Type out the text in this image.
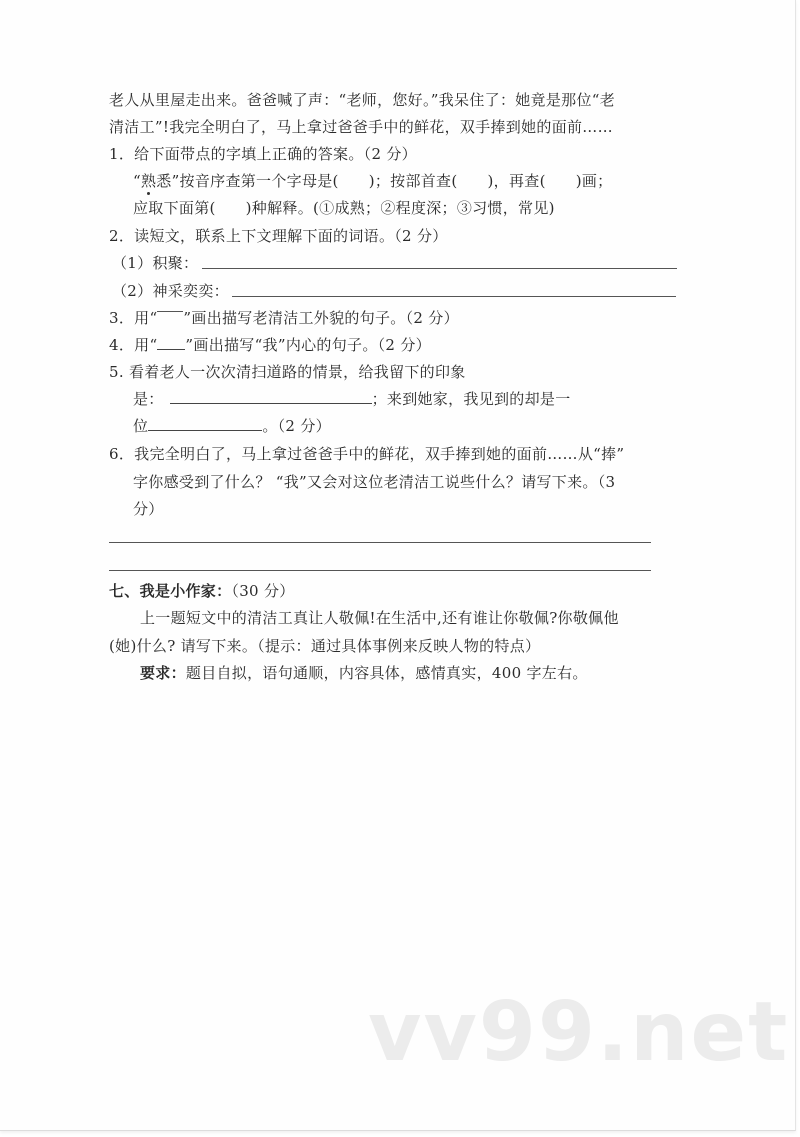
老人从里屋走出来。爸爸喊了声：“老师，您好。”我呆住了：她竟是那位“老
清洁工”!我完全明白了，马上拿过爸爸手中的鲜花，双手捧到她的面前……
1．给下面带点的字填上正确的答案。（2 分）
“熟悉”按音序查第一个字母是( )；按部首查( )，再查( )画；
应取下面第( )种解释。(①成熟；②程度深；③习惯，常见)
2．读短文，联系上下文理解下面的词语。（2 分）
（1）积聚：
（2）神采奕奕：
3．用“ ”画出描写老清洁工外貌的句子。（2 分）
4．用“ ”画出描写“我”内心的句子。（2 分）
5. 看着老人一次次清扫道路的情景，给我留下的印象
是：	；来到她家，我见到的却是一
位	。（2 分）
6．我完全明白了，马上拿过爸爸手中的鲜花，双手捧到她的面前……从“捧”
字你感受到了什么？ “我”又会对这位老清洁工说些什么？请写下来。（3
分）
七、我是小作家：（30 分）
上一题短文中的清洁工真让人敬佩!在生活中,还有谁让你敬佩?你敬佩他
(她)什么? 请写下来。（提示：通过具体事例来反映人物的特点）
要求：题目自拟，语句通顺，内容具体，感情真实，400 字左右。
vv99.net
